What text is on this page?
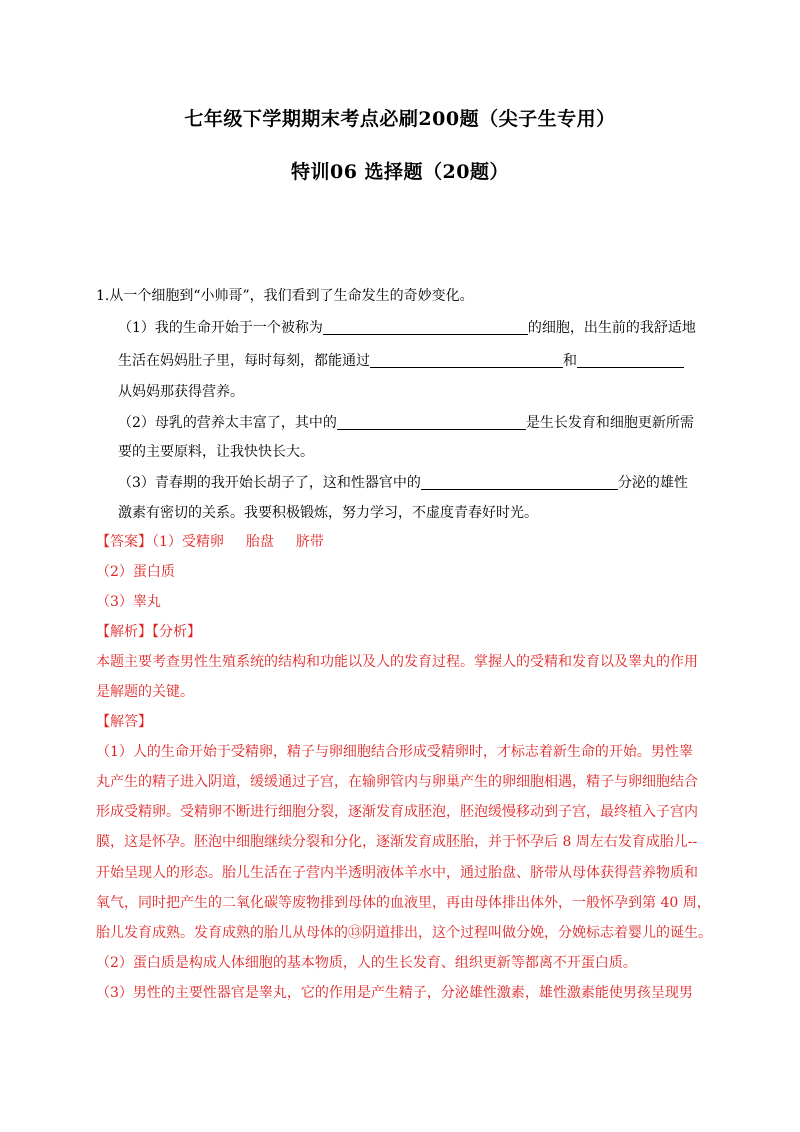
七年级下学期期末考点必刷200题（尖子生专用）
特训06 选择题（20题）
1.从一个细胞到“小帅哥”，我们看到了生命发生的奇妙变化。
（1）我的生命开始于一个被称为	的细胞，出生前的我舒适地
生活在妈妈肚子里，每时每刻，都能通过	和
从妈妈那获得营养。
（2）母乳的营养太丰富了，其中的	是生长发育和细胞更新所需
要的主要原料，让我快快长大。
（3）青春期的我开始长胡子了，这和性器官中的	分泌的雄性
激素有密切的关系。我要积极锻炼，努力学习，不虚度青春好时光。
【答案】（1）受精卵 胎盘 脐带
（2）蛋白质
（3）睾丸
【解析】【分析】
本题主要考查男性生殖系统的结构和功能以及人的发育过程。掌握人的受精和发育以及睾丸的作用
是解题的关键。
【解答】
（1）人的生命开始于受精卵，精子与卵细胞结合形成受精卵时，才标志着新生命的开始。男性睾
丸产生的精子进入阴道，缓缓通过子宫，在输卵管内与卵巢产生的卵细胞相遇，精子与卵细胞结合
形成受精卵。受精卵不断进行细胞分裂，逐渐发育成胚泡，胚泡缓慢移动到子宫，最终植入子宫内
膜，这是怀孕。胚泡中细胞继续分裂和分化，逐渐发育成胚胎，并于怀孕后 8 周左右发育成胎儿--
开始呈现人的形态。胎儿生活在子营内半透明液体羊水中，通过胎盘、脐带从母体获得营养物质和
氧气，同时把产生的二氧化碳等废物排到母体的血液里，再由母体排出体外，一般怀孕到第 40 周，
胎儿发育成熟。发育成熟的胎儿从母体的⑬阴道排出，这个过程叫做分娩，分娩标志着婴儿的诞生。
（2）蛋白质是构成人体细胞的基本物质，人的生长发育、组织更新等都离不开蛋白质。
（3）男性的主要性器官是睾丸，它的作用是产生精子，分泌雄性激素，雄性激素能使男孩呈现男
